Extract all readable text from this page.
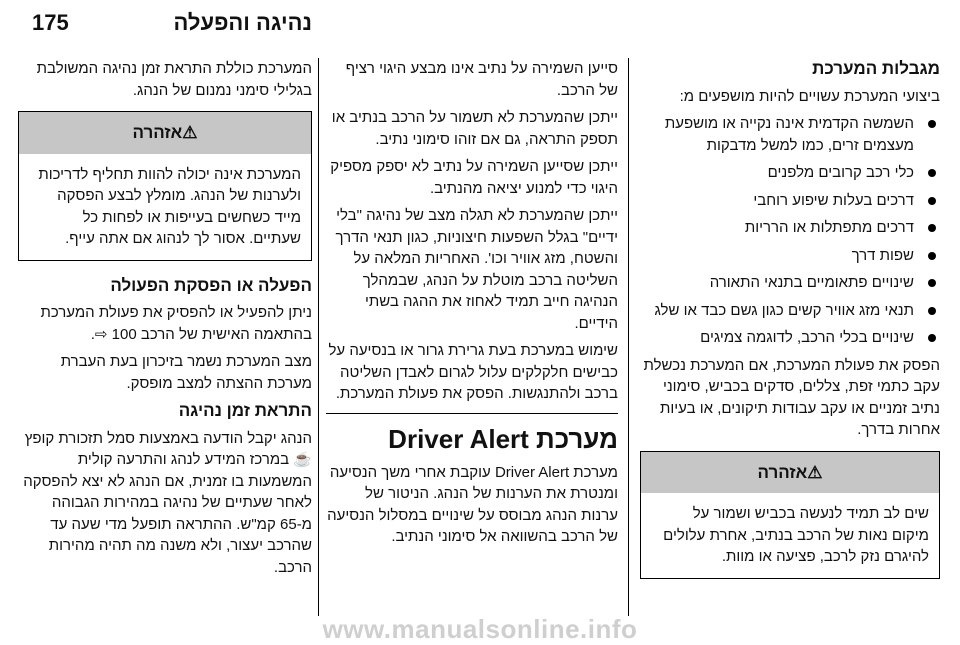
175	נהיגה והפעלה
מגבלות המערכת

ביצועי המערכת עשויים להיות מושפעים מ:

השמשה הקדמית אינה נקייה או מושפעת מעצמים זרים, כמו למשל מדבקות
כלי רכב קרובים מלפנים
דרכים בעלות שיפוע רוחבי
דרכים מתפתלות או הרריות
שפות דרך
שינויים פתאומיים בתנאי התאורה
תנאי מזג אוויר קשים כגון גשם כבד או שלג
שינויים בכלי הרכב, לדוגמה צמיגים

הפסק את פעולת המערכת, אם המערכת נכשלת עקב כתמי זפת, צללים, סדקים בכביש, סימוני נתיב זמניים או עקב עבודות תיקונים, או בעיות אחרות בדרך.

⚠אזהרה
שים לב תמיד לנעשה בכביש ושמור על מיקום נאות של הרכב בנתיב, אחרת עלולים להיגרם נזק לרכב, פציעה או מוות.

סייען השמירה על נתיב אינו מבצע היגוי רציף של הרכב.

ייתכן שהמערכת לא תשמור על הרכב בנתיב או תספק התראה, גם אם זוהו סימוני נתיב.

ייתכן שסייען השמירה על נתיב לא יספק מספיק היגוי כדי למנוע יציאה מהנתיב.

ייתכן שהמערכת לא תגלה מצב של נהיגה "בלי ידיים" בגלל השפעות חיצוניות, כגון תנאי הדרך והשטח, מזג אוויר וכו'. האחריות המלאה על השליטה ברכב מוטלת על הנהג, שבמהלך הנהיגה חייב תמיד לאחוז את ההגה בשתי הידיים.

שימוש במערכת בעת גרירת גרור או בנסיעה על כבישים חלקלקים עלול לגרום לאבדן השליטה ברכב ולהתנגשות. הפסק את פעולת המערכת.

מערכת Driver Alert

מערכת Driver Alert עוקבת אחרי משך הנסיעה ומנטרת את הערנות של הנהג. הניטור של ערנות הנהג מבוסס על שינויים במסלול הנסיעה של הרכב בהשוואה אל סימוני הנתיב.

המערכת כוללת התראת זמן נהיגה המשולבת בגלילי סימני נמנום של הנהג.

⚠אזהרה
המערכת אינה יכולה להוות תחליף לדריכות ולערנות של הנהג. מומלץ לבצע הפסקה מייד כשחשים בעייפות או לפחות כל שעתיים. אסור לך לנהוג אם אתה עייף.
הפעלה או הפסקת הפעולה

ניתן להפעיל או להפסיק את פעולת המערכת בהתאמה האישית של הרכב 100 ⇨.

מצב המערכת נשמר בזיכרון בעת העברת מערכת ההצתה למצב מופסק.

התראת זמן נהיגה

הנהג יקבל הודעה באמצעות סמל תזכורת קופץ ☕ במרכז המידע לנהג והתרעה קולית המשמעות בו זמנית, אם הנהג לא יצא להפסקה לאחר שעתיים של נהיגה במהירות הגבוהה מ-65 קמ"ש. ההתראה תופעל מדי שעה עד שהרכב יעצור, ולא משנה מה תהיה מהירות הרכב.

www.manualsonline.info
